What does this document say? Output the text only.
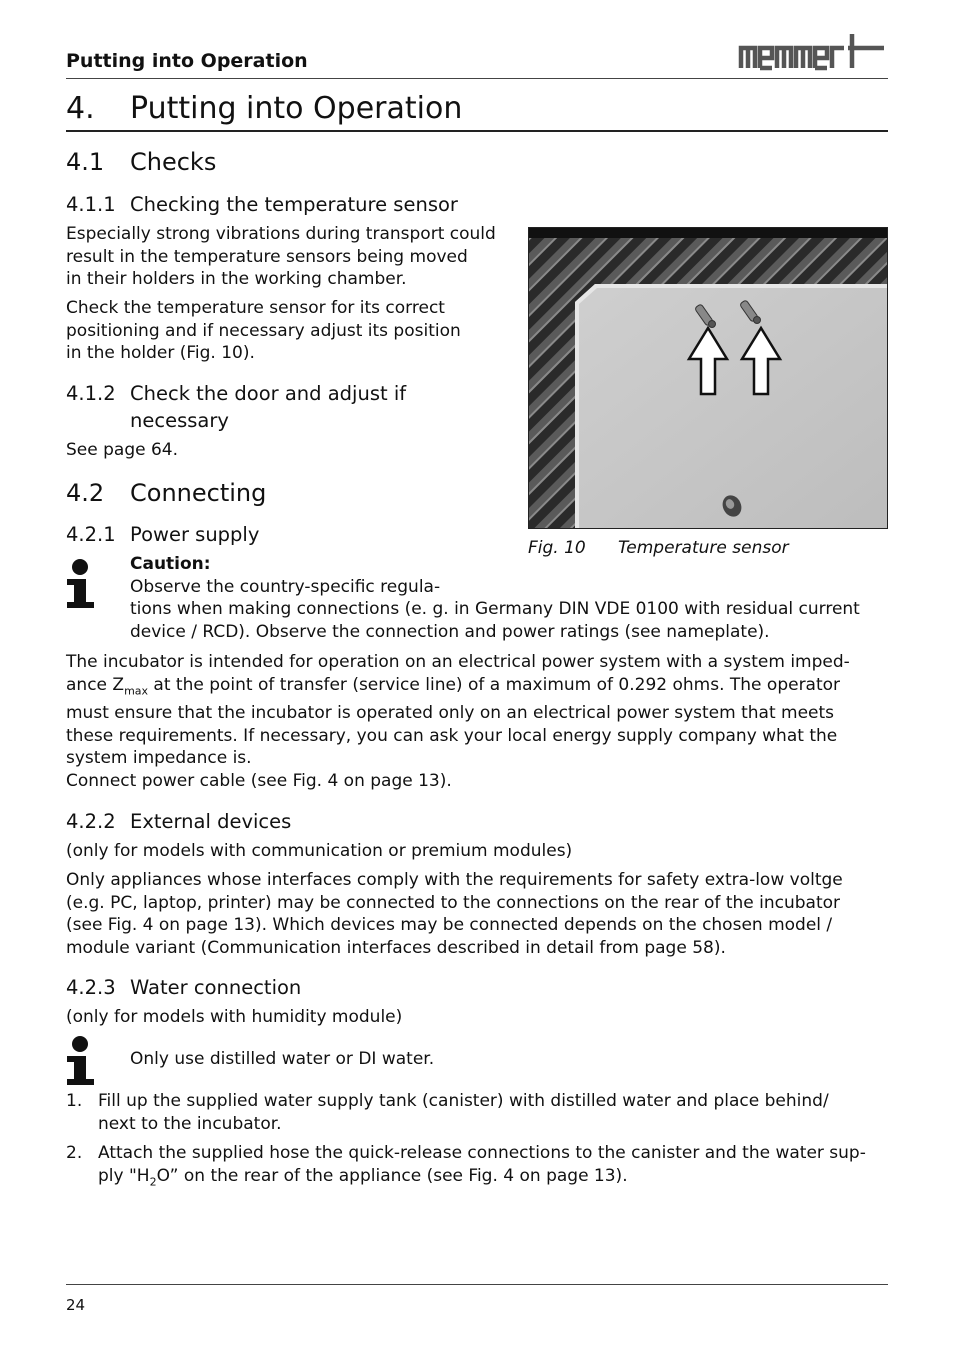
Putting into Operation
4. Putting into Operation
4.1 Checks
4.1.1 Checking the temperature sensor
Especially strong vibrations during transport could
result in the temperature sensors being moved
in their holders in the working chamber.
Check the temperature sensor for its correct
positioning and if necessary adjust its position
in the holder (Fig. 10).
4.1.2 Check the door and adjust if
necessary
See page 64.
Fig. 10 Temperature sensor
4.2 Connecting
4.2.1 Power supply
Caution:
Observe the country-specific regula-
tions when making connections (e. g. in Germany DIN VDE 0100 with residual current
device / RCD). Observe the connection and power ratings (see nameplate).
The incubator is intended for operation on an electrical power system with a system imped-
ance $Z_{max}$ at the point of transfer (service line) of a maximum of 0.292 ohms. The operator
must ensure that the incubator is operated only on an electrical power system that meets
these requirements. If necessary, you can ask your local energy supply company what the
system impedance is.
Connect power cable (see Fig. 4 on page 13).
4.2.2 External devices
(only for models with communication or premium modules)
Only appliances whose interfaces comply with the requirements for safety extra-low voltge
(e.g. PC, laptop, printer) may be connected to the connections on the rear of the incubator
(see Fig. 4 on page 13). Which devices may be connected depends on the chosen model /
module variant (Communication interfaces described in detail from page 58).
4.2.3 Water connection
(only for models with humidity module)
Only use distilled water or DI water.
1. Fill up the supplied water supply tank (canister) with distilled water and place behind/
next to the incubator.
2. Attach the supplied hose the quick-release connections to the canister and the water sup-
ply "$H_2O$” on the rear of the appliance (see Fig. 4 on page 13).
24
